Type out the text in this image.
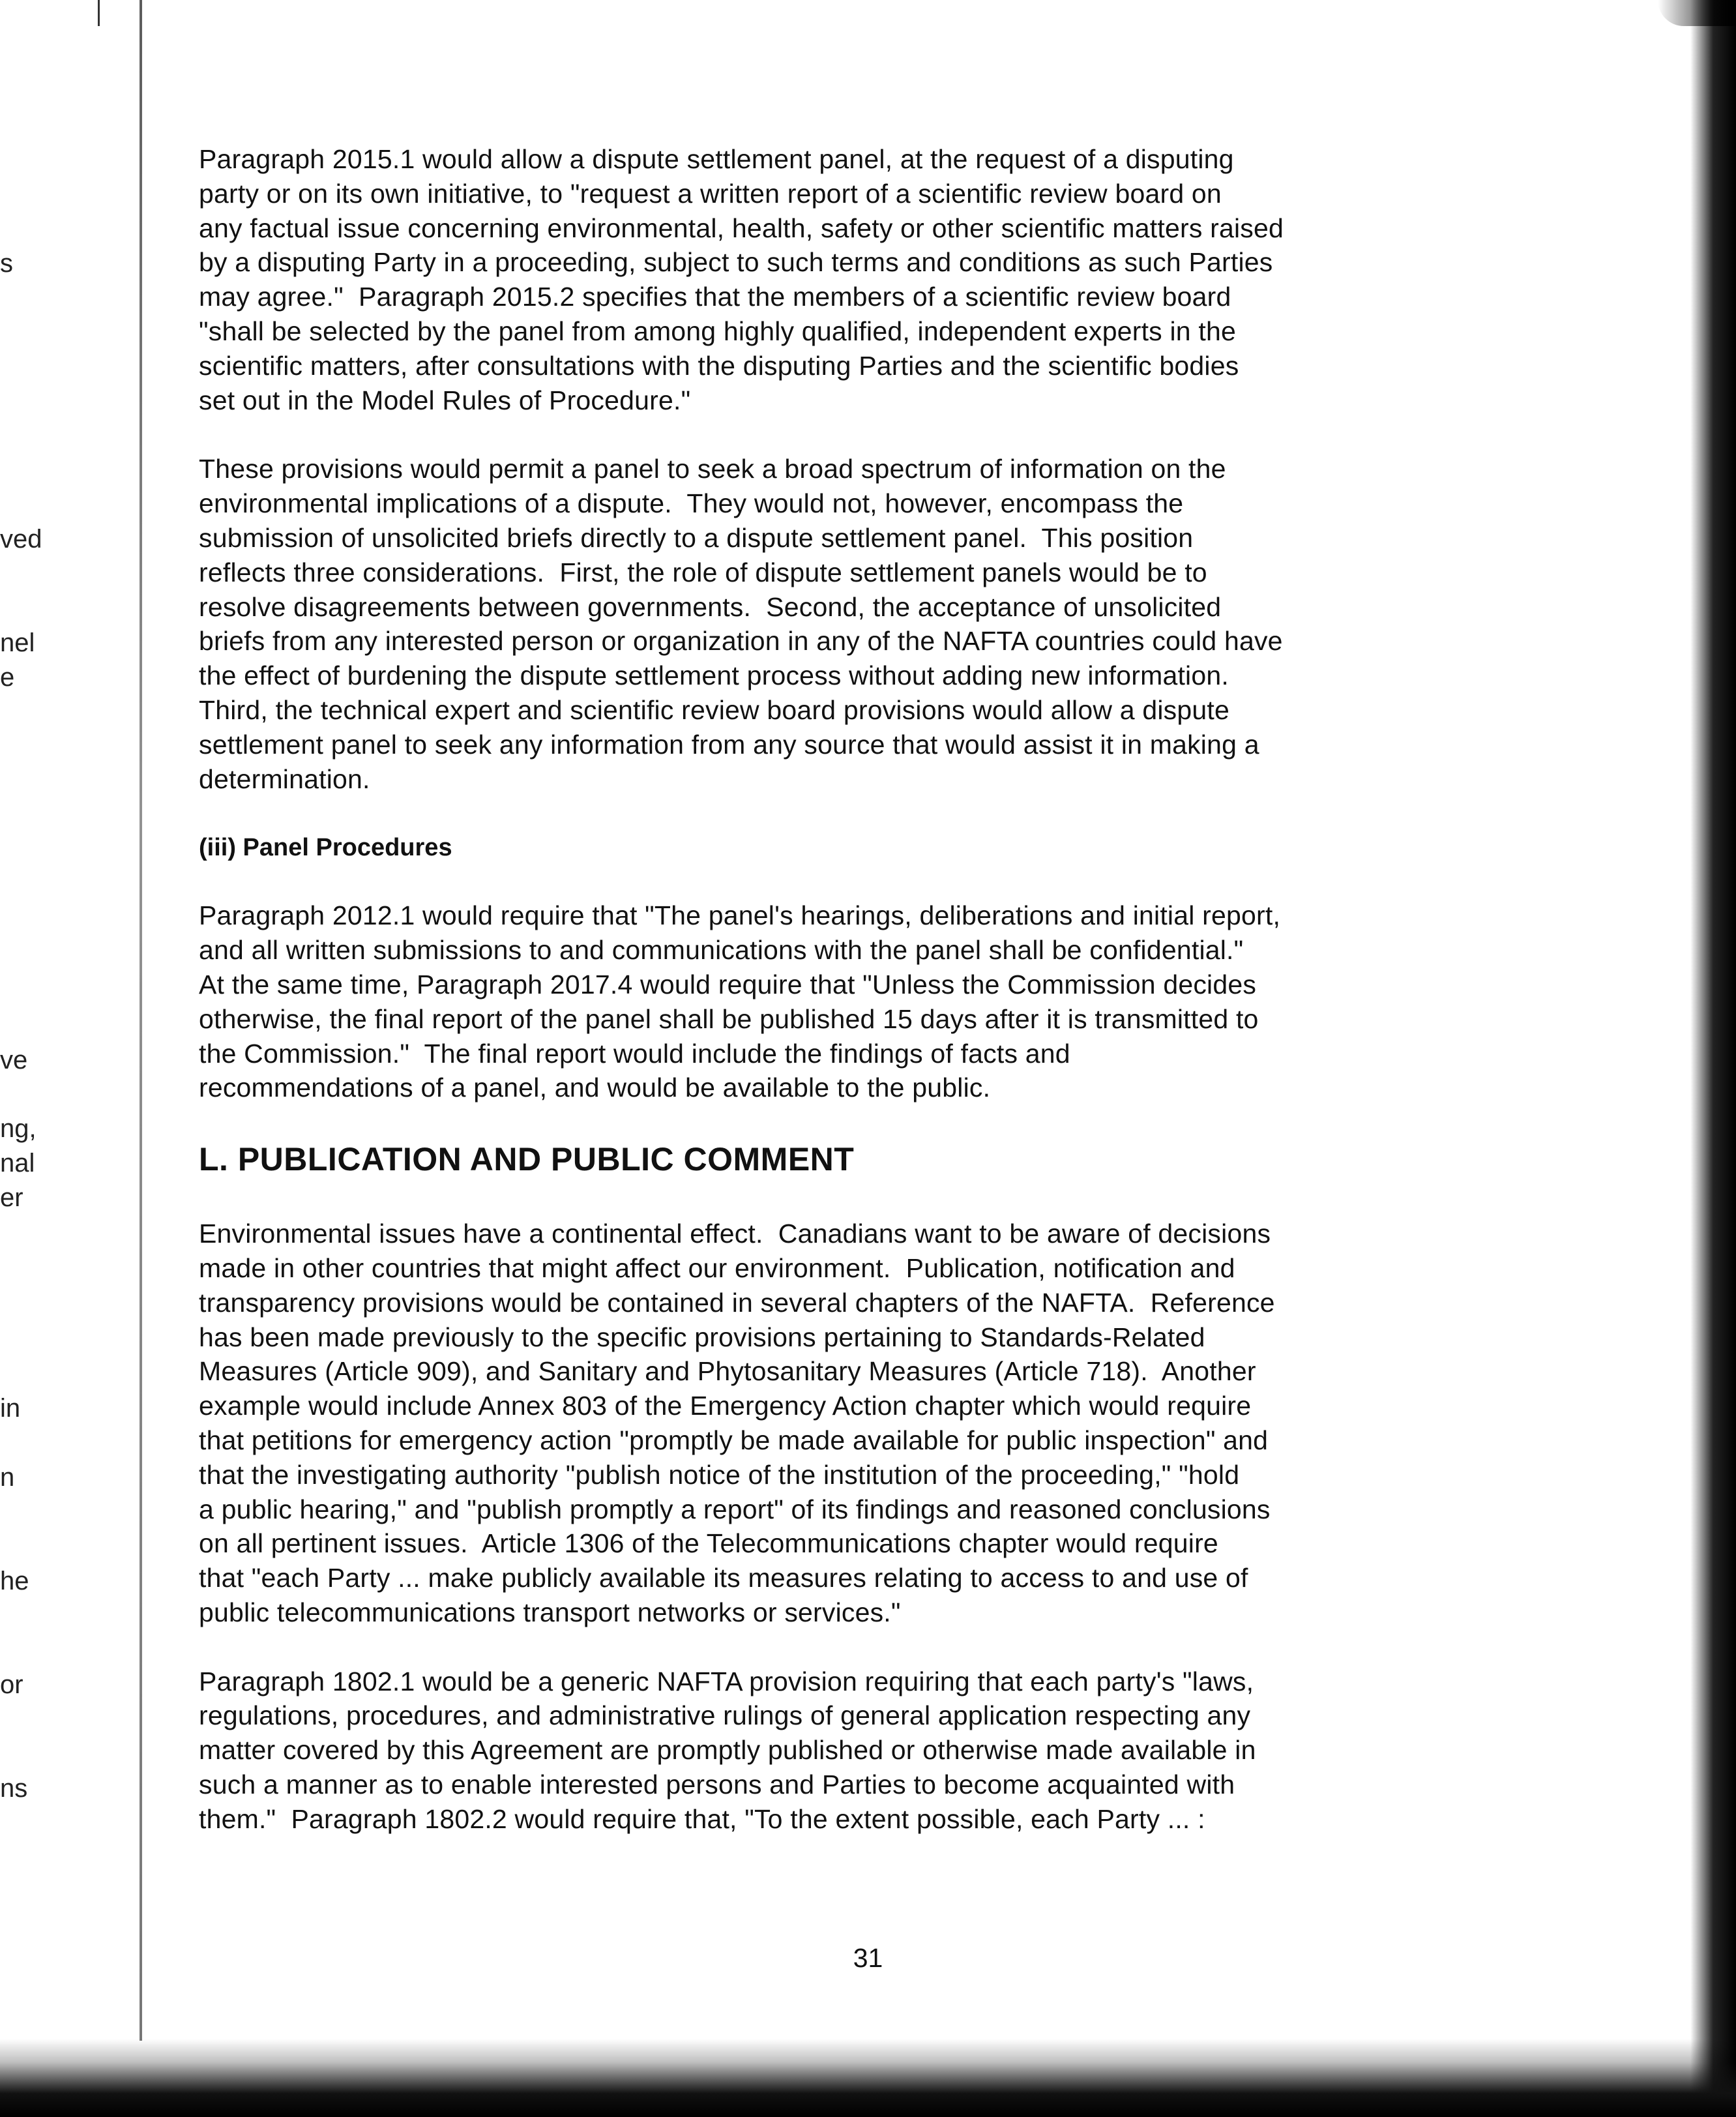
s
ved
nel
e
ve
ng,
nal
er
in
n
he
or
ns

Paragraph 2015.1 would allow a dispute settlement panel, at the request of a disputing
party or on its own initiative, to "request a written report of a scientific review board on
any factual issue concerning environmental, health, safety or other scientific matters raised
by a disputing Party in a proceeding, subject to such terms and conditions as such Parties
may agree."  Paragraph 2015.2 specifies that the members of a scientific review board
"shall be selected by the panel from among highly qualified, independent experts in the
scientific matters, after consultations with the disputing Parties and the scientific bodies
set out in the Model Rules of Procedure."

These provisions would permit a panel to seek a broad spectrum of information on the
environmental implications of a dispute.  They would not, however, encompass the
submission of unsolicited briefs directly to a dispute settlement panel.  This position
reflects three considerations.  First, the role of dispute settlement panels would be to
resolve disagreements between governments.  Second, the acceptance of unsolicited
briefs from any interested person or organization in any of the NAFTA countries could have
the effect of burdening the dispute settlement process without adding new information.
Third, the technical expert and scientific review board provisions would allow a dispute
settlement panel to seek any information from any source that would assist it in making a
determination.

(iii) Panel Procedures

Paragraph 2012.1 would require that "The panel's hearings, deliberations and initial report,
and all written submissions to and communications with the panel shall be confidential."
At the same time, Paragraph 2017.4 would require that "Unless the Commission decides
otherwise, the final report of the panel shall be published 15 days after it is transmitted to
the Commission."  The final report would include the findings of facts and
recommendations of a panel, and would be available to the public.

L. PUBLICATION AND PUBLIC COMMENT

Environmental issues have a continental effect.  Canadians want to be aware of decisions
made in other countries that might affect our environment.  Publication, notification and
transparency provisions would be contained in several chapters of the NAFTA.  Reference
has been made previously to the specific provisions pertaining to Standards-Related
Measures (Article 909), and Sanitary and Phytosanitary Measures (Article 718).  Another
example would include Annex 803 of the Emergency Action chapter which would require
that petitions for emergency action "promptly be made available for public inspection" and
that the investigating authority "publish notice of the institution of the proceeding," "hold
a public hearing," and "publish promptly a report" of its findings and reasoned conclusions
on all pertinent issues.  Article 1306 of the Telecommunications chapter would require
that "each Party ... make publicly available its measures relating to access to and use of
public telecommunications transport networks or services."

Paragraph 1802.1 would be a generic NAFTA provision requiring that each party's "laws,
regulations, procedures, and administrative rulings of general application respecting any
matter covered by this Agreement are promptly published or otherwise made available in
such a manner as to enable interested persons and Parties to become acquainted with
them."  Paragraph 1802.2 would require that, "To the extent possible, each Party ... :

31
